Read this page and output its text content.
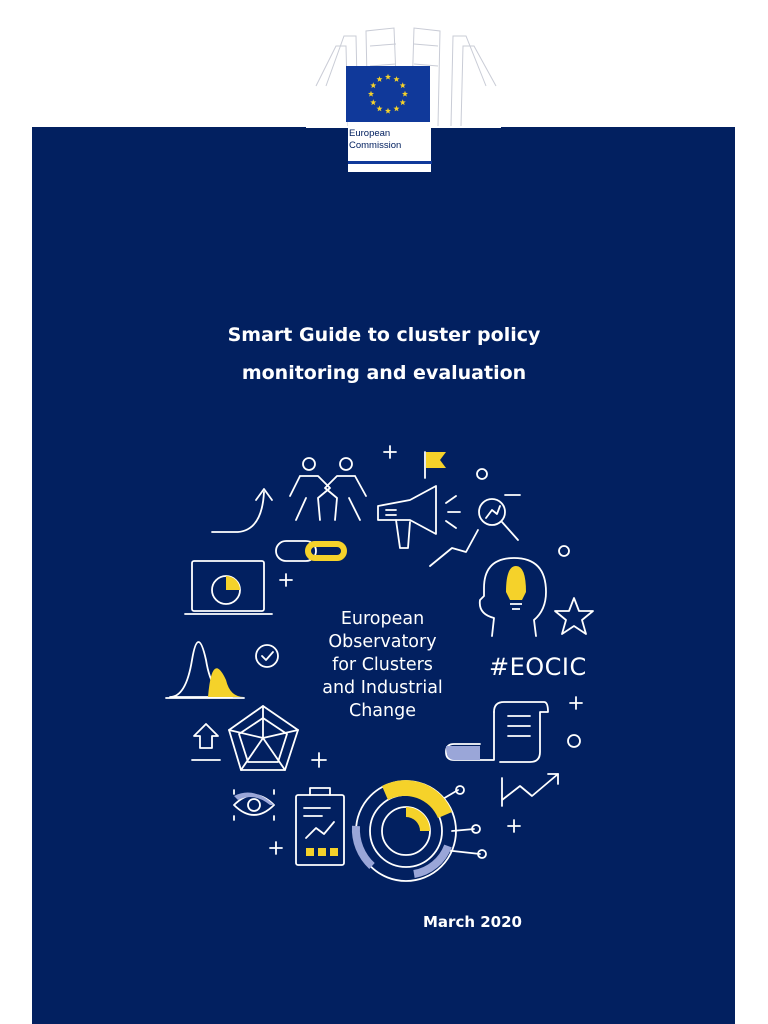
European
Commission
Smart Guide to cluster policy
monitoring and evaluation
European
Observatory
for Clusters
and Industrial
Change
#EOCIC
March 2020
